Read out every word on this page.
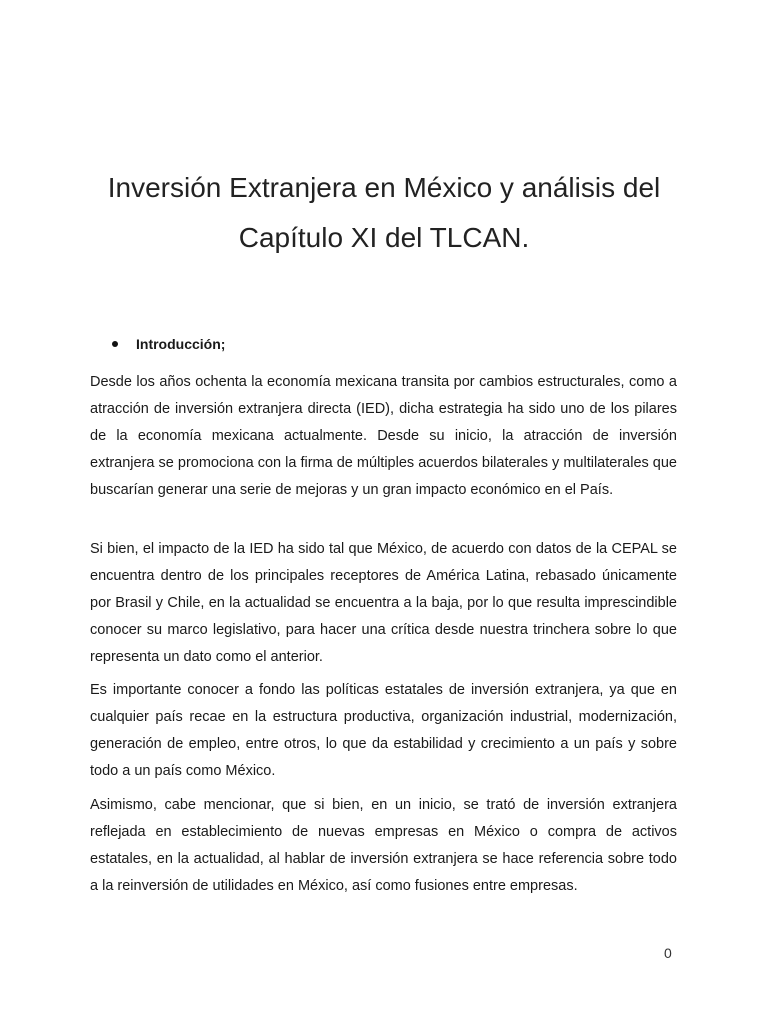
Inversión Extranjera en México y análisis del
Capítulo XI del TLCAN.
Introducción;

Desde los años ochenta la economía mexicana transita por cambios estructurales, como a atracción de inversión extranjera directa (IED), dicha estrategia ha sido uno de los pilares de la economía mexicana actualmente. Desde su inicio, la atracción de inversión extranjera se promociona con la firma de múltiples acuerdos bilaterales y multilaterales que buscarían generar una serie de mejoras y un gran impacto económico en el País.

Si bien, el impacto de la IED ha sido tal que México, de acuerdo con datos de la CEPAL se encuentra dentro de los principales receptores de América Latina, rebasado únicamente por Brasil y Chile, en la actualidad se encuentra a la baja, por lo que resulta imprescindible conocer su marco legislativo, para hacer una crítica desde nuestra trinchera sobre lo que representa un dato como el anterior.

Es importante conocer a fondo las políticas estatales de inversión extranjera, ya que en cualquier país recae en la estructura productiva, organización industrial, modernización, generación de empleo, entre otros, lo que da estabilidad y crecimiento a un país y sobre todo a un país como México.

Asimismo, cabe mencionar, que si bien, en un inicio, se trató de inversión extranjera reflejada en establecimiento de nuevas empresas en México o compra de activos estatales, en la actualidad, al hablar de inversión extranjera se hace referencia sobre todo a la reinversión de utilidades en México, así como fusiones entre empresas.

0
